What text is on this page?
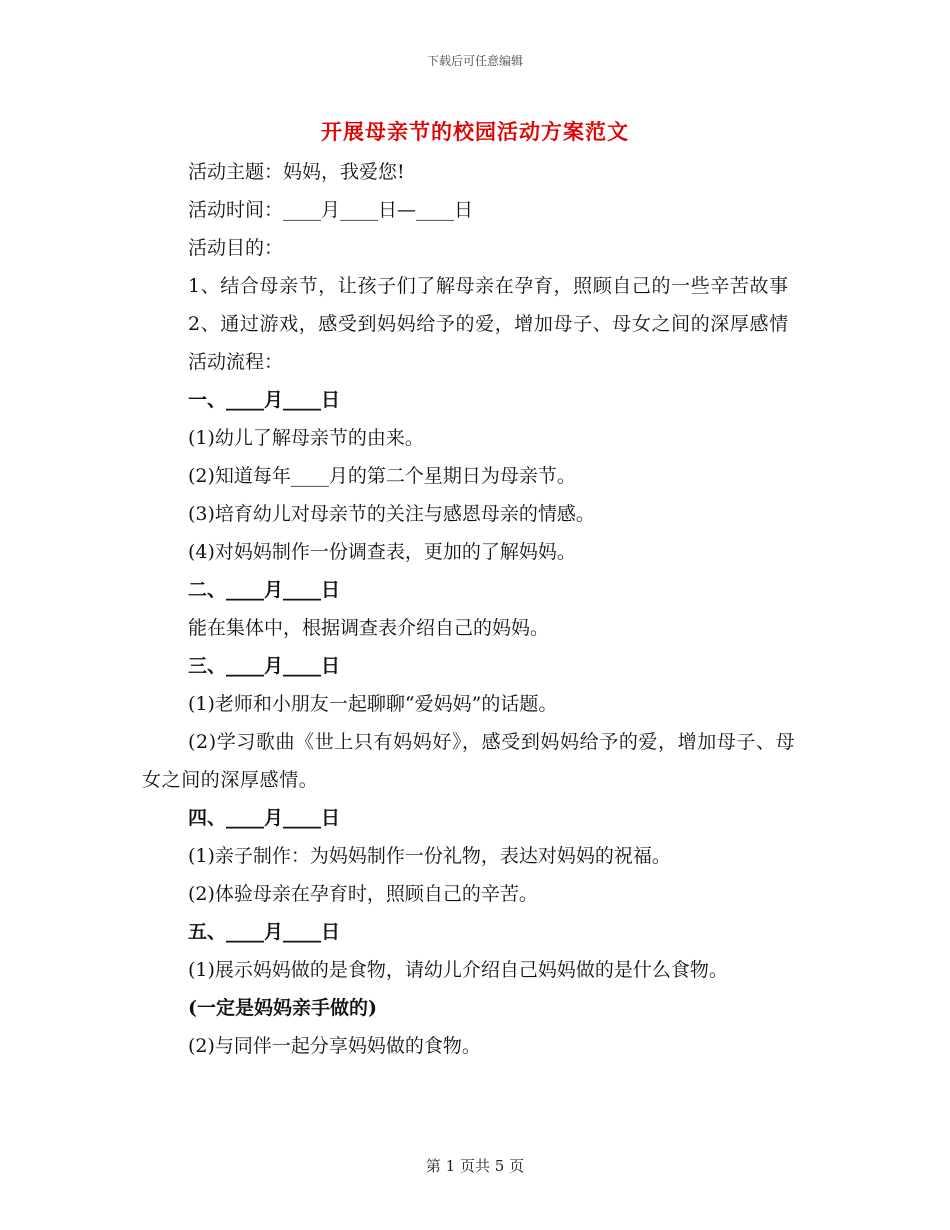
下载后可任意编辑
开展母亲节的校园活动方案范文

活动主题：妈妈，我爱您!

活动时间：____月____日—____日

活动目的：

1、结合母亲节，让孩子们了解母亲在孕育，照顾自己的一些辛苦故事

2、通过游戏，感受到妈妈给予的爱，增加母子、母女之间的深厚感情

活动流程：

一、____月____日

(1)幼儿了解母亲节的由来。

(2)知道每年____月的第二个星期日为母亲节。

(3)培育幼儿对母亲节的关注与感恩母亲的情感。

(4)对妈妈制作一份调查表，更加的了解妈妈。

二、____月____日

能在集体中，根据调查表介绍自己的妈妈。

三、____月____日

(1)老师和小朋友一起聊聊“爱妈妈”的话题。

(2)学习歌曲《世上只有妈妈好》，感受到妈妈给予的爱，增加母子、母女之间的深厚感情。

四、____月____日

(1)亲子制作：为妈妈制作一份礼物，表达对妈妈的祝福。

(2)体验母亲在孕育时，照顾自己的辛苦。

五、____月____日

(1)展示妈妈做的是食物，请幼儿介绍自己妈妈做的是什么食物。

(一定是妈妈亲手做的)

(2)与同伴一起分享妈妈做的食物。

第 1 页共 5 页
